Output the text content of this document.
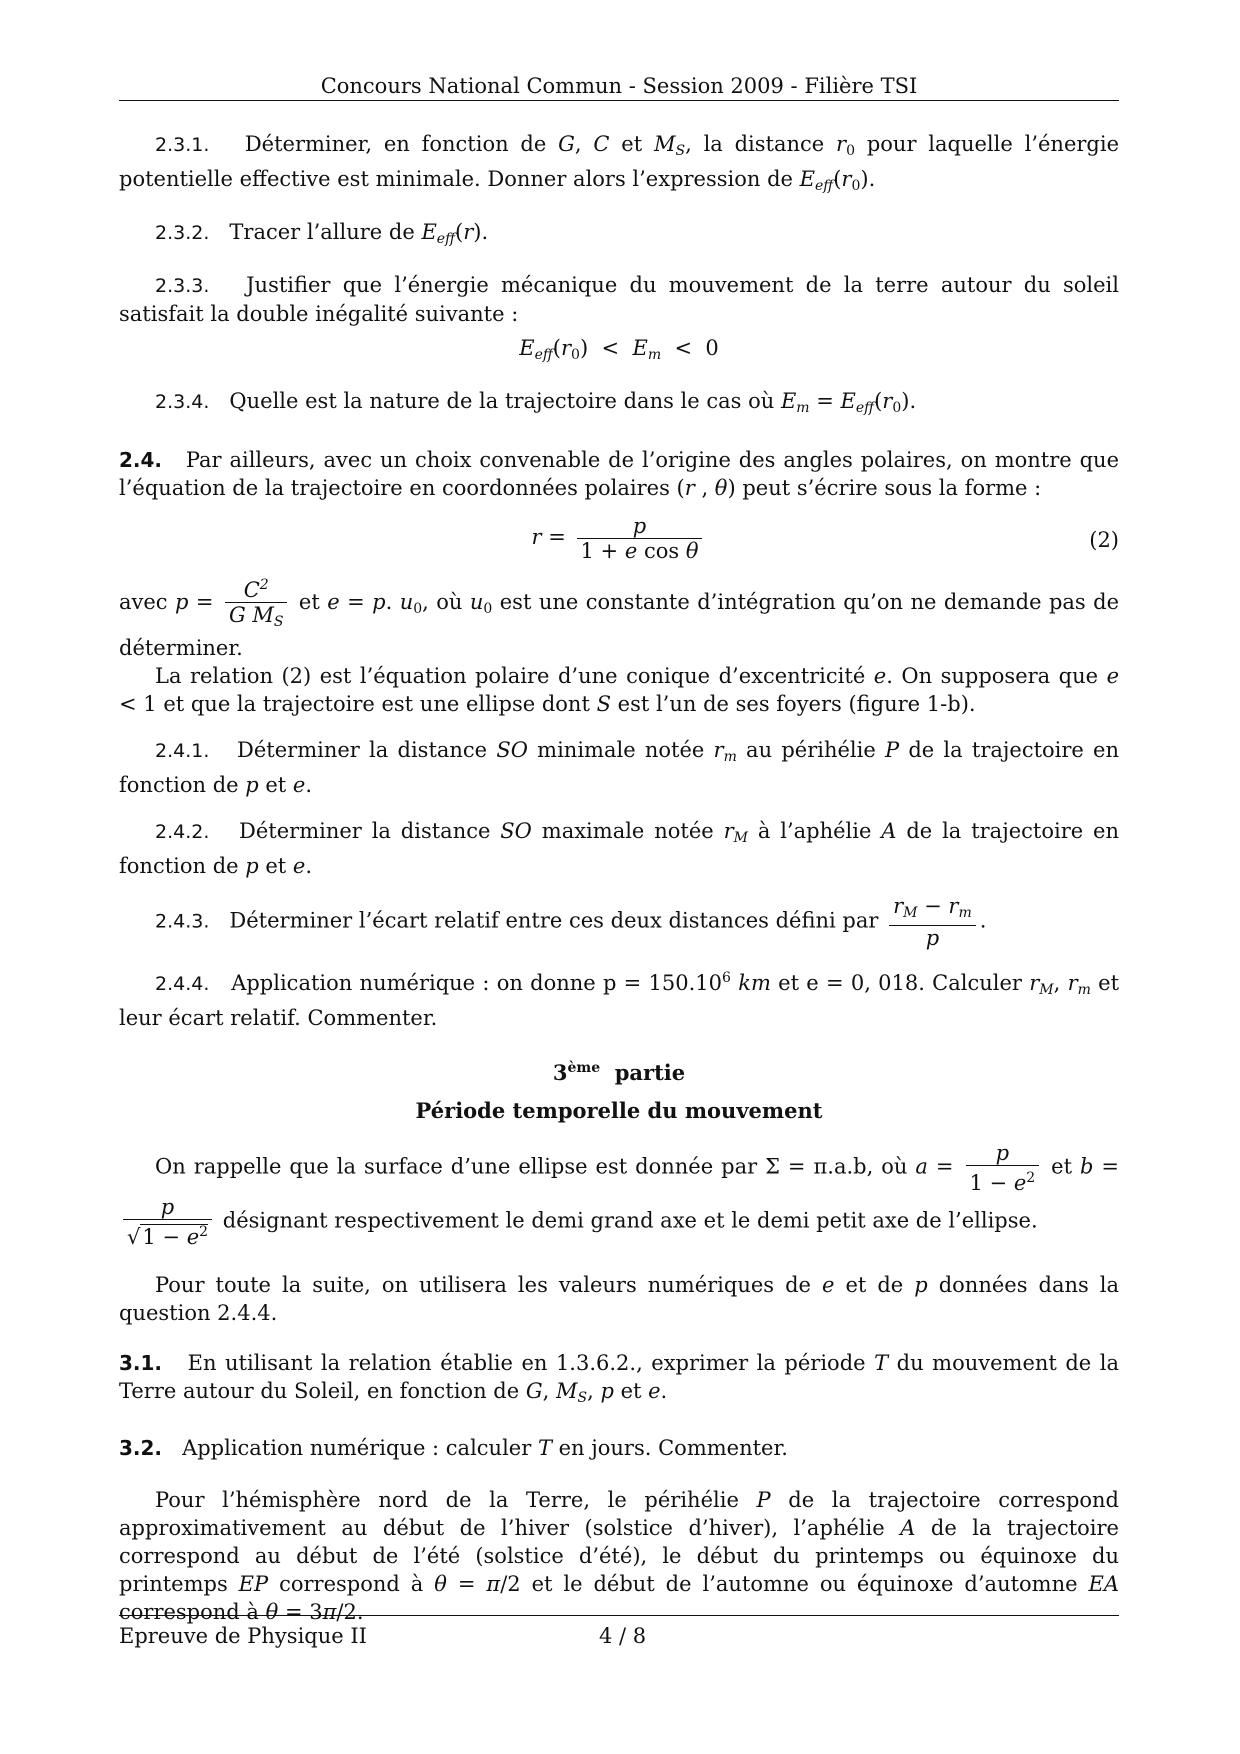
Concours National Commun - Session 2009 - Filière TSI

2.3.1. Déterminer, en fonction de G, C et $M_S$, la distance $r_0$ pour laquelle l’énergie potentielle effective est minimale. Donner alors l’expression de $E_{eff}(r_0)$.

2.3.2. Tracer l’allure de $E_{eff}(r)$.

2.3.3. Justifier que l’énergie mécanique du mouvement de la terre autour du soleil satisfait la double inégalité suivante :

$E_{eff}(r_0) < E_m < 0$

2.3.4. Quelle est la nature de la trajectoire dans le cas où $E_m = E_{eff}(r_0)$.

2.4. Par ailleurs, avec un choix convenable de l’origine des angles polaires, on montre que l’équation de la trajectoire en coordonnées polaires (r , θ) peut s’écrire sous la forme :

$r = \frac{p}{\text{1 + e cos θ}}$	(2)

avec $p = \frac{C^2}{G M_S}$ et e = p. $u_0$, où $u_0$ est une constante d’intégration qu’on ne demande pas de déterminer.

La relation (2) est l’équation polaire d’une conique d’excentricité e. On supposera que e < 1 et que la trajectoire est une ellipse dont S est l’un de ses foyers (figure 1-b).

2.4.1. Déterminer la distance SO minimale notée $r_m$ au périhélie P de la trajectoire en fonction de p et e.

2.4.2. Déterminer la distance SO maximale notée $r_M$ à l’aphélie A de la trajectoire en fonction de p et e.

2.4.3. Déterminer l’écart relatif entre ces deux distances défini par $\frac{r_M - r_m}{p}$ .

2.4.4. Application numérique : on donne $p = 150.10^6$ km et e = 0, 018. Calculer $r_M$, $r_m$ et leur écart relatif. Commenter.

3ème partie
Période temporelle du mouvement

On rappelle que la surface d’une ellipse est donnée par Σ = π.a.b, où $a = \frac{p}{1 - e^2}$ et b =
$\frac{p}{√1 - e^2}$ désignant respectivement le demi grand axe et le demi petit axe de l’ellipse.

Pour toute la suite, on utilisera les valeurs numériques de e et de p données dans la question 2.4.4.

3.1. En utilisant la relation établie en 1.3.6.2., exprimer la période T du mouvement de la Terre autour du Soleil, en fonction de G, $M_S$, p et e.

3.2. Application numérique : calculer T en jours. Commenter.

Pour l’hémisphère nord de la Terre, le périhélie P de la trajectoire correspond approximativement au début de l’hiver (solstice d’hiver), l’aphélie A de la trajectoire correspond au début de l’été (solstice d’été), le début du printemps ou équinoxe du printemps EP correspond à θ = π/2 et le début de l’automne ou équinoxe d’automne EA correspond à θ = 3π/2.

Epreuve de Physique II	4 / 8
